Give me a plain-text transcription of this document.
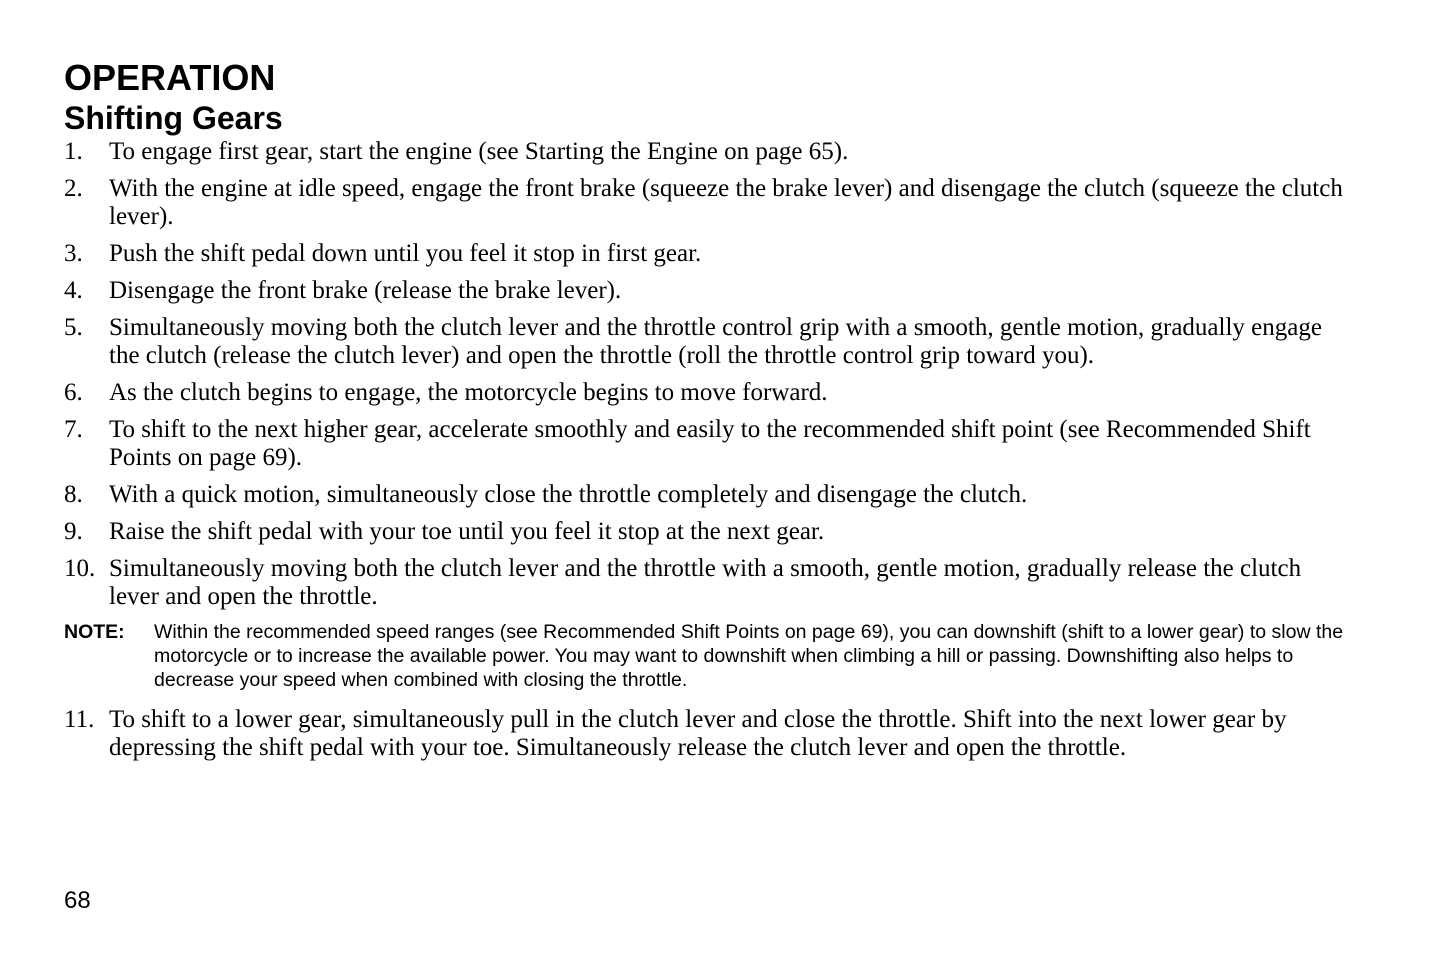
OPERATION
Shifting Gears
1.	To engage first gear, start the engine (see Starting the Engine on page 65).
2.	With the engine at idle speed, engage the front brake (squeeze the brake lever) and disengage the clutch (squeeze the clutch lever).
3.	Push the shift pedal down until you feel it stop in first gear.
4.	Disengage the front brake (release the brake lever).
5.	Simultaneously moving both the clutch lever and the throttle control grip with a smooth, gentle motion, gradually engage the clutch (release the clutch lever) and open the throttle (roll the throttle control grip toward you).
6.	As the clutch begins to engage, the motorcycle begins to move forward.
7.	To shift to the next higher gear, accelerate smoothly and easily to the recommended shift point (see Recommended Shift Points on page 69).
8.	With a quick motion, simultaneously close the throttle completely and disengage the clutch.
9.	Raise the shift pedal with your toe until you feel it stop at the next gear.
10. Simultaneously moving both the clutch lever and the throttle with a smooth, gentle motion, gradually release the clutch lever and open the throttle.
NOTE:	Within the recommended speed ranges (see Recommended Shift Points on page 69), you can downshift (shift to a lower gear) to slow the motorcycle or to increase the available power. You may want to downshift when climbing a hill or passing. Downshifting also helps to decrease your speed when combined with closing the throttle.
11. To shift to a lower gear, simultaneously pull in the clutch lever and close the throttle. Shift into the next lower gear by depressing the shift pedal with your toe. Simultaneously release the clutch lever and open the throttle.
68
